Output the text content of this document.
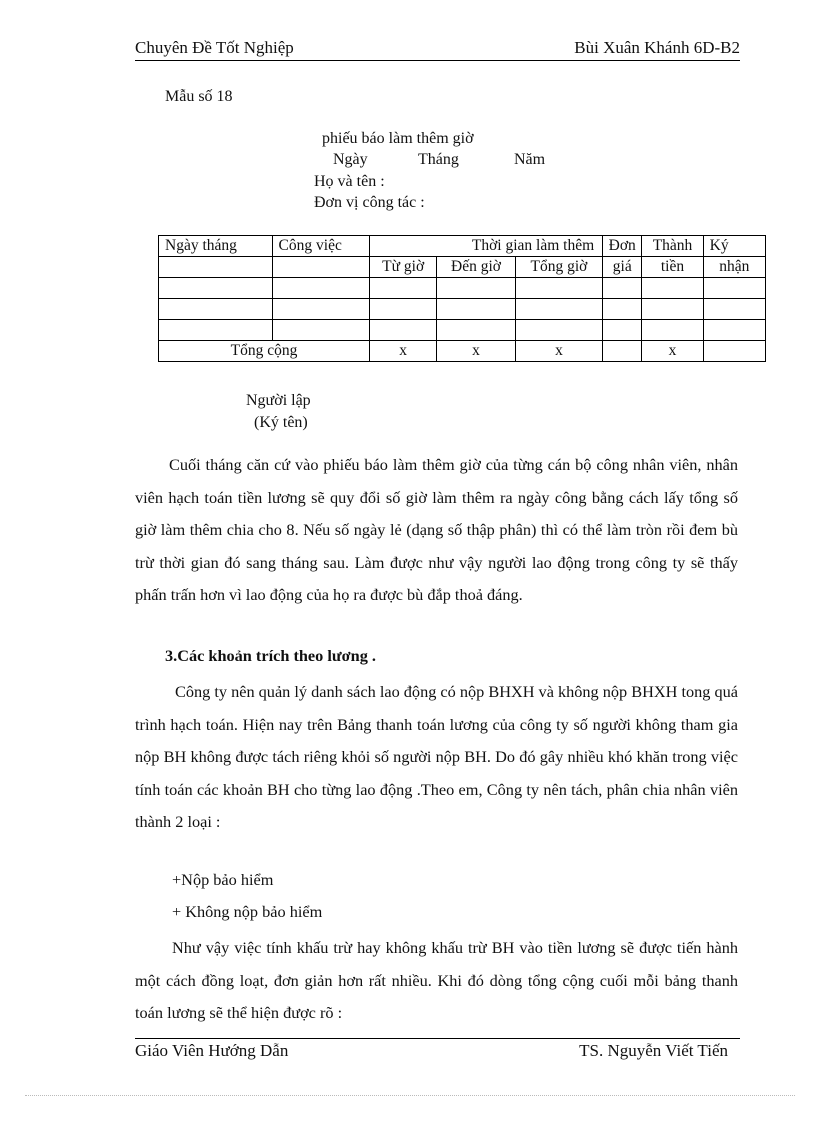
Chuyên Đề Tốt Nghiệp	Bùi Xuân Khánh 6D-B2
Mẫu số 18
phiếu báo làm thêm giờ
Ngày	Tháng	Năm
Họ và tên :
Đơn vị công tác :
Ngày tháng	Công việc	Thời gian làm thêm			Đơn	Thành	Ký
		Từ giờ	Đến giờ	Tổng giờ	giá	tiền	nhận

Tổng cộng		x	x	x		x	
Người lập
(Ký tên)
Cuối tháng căn cứ vào phiếu báo làm thêm giờ của từng cán bộ công nhân viên, nhân viên hạch toán tiền lương sẽ quy đổi số giờ làm thêm ra ngày công bằng cách lấy tổng số giờ làm thêm chia cho 8. Nếu số ngày lẻ (dạng số thập phân) thì có thể làm tròn rồi đem bù trừ thời gian đó sang tháng sau. Làm được như vậy người lao động trong công ty sẽ thấy phấn trấn hơn vì lao động của họ ra được bù đắp thoả đáng.
3.Các khoản trích theo lương .
Công ty nên quản lý danh sách lao động có nộp BHXH và không nộp BHXH tong quá trình hạch toán. Hiện nay trên Bảng thanh toán lương của công ty số người không tham gia nộp BH không được tách riêng khỏi số người nộp BH. Do đó gây nhiều khó khăn trong việc tính toán các khoản BH cho từng lao động .Theo em, Công ty nên tách, phân chia nhân viên thành 2 loại :
+Nộp bảo hiểm
+ Không nộp bảo hiểm
Như vậy việc tính khấu trừ hay không khấu trừ BH vào tiền lương sẽ được tiến hành một cách đồng loạt, đơn giản hơn rất nhiều. Khi đó dòng tổng cộng cuối mỗi bảng thanh toán lương sẽ thể hiện được rõ :
Giáo Viên Hướng Dẫn	TS. Nguyễn Viết Tiến
